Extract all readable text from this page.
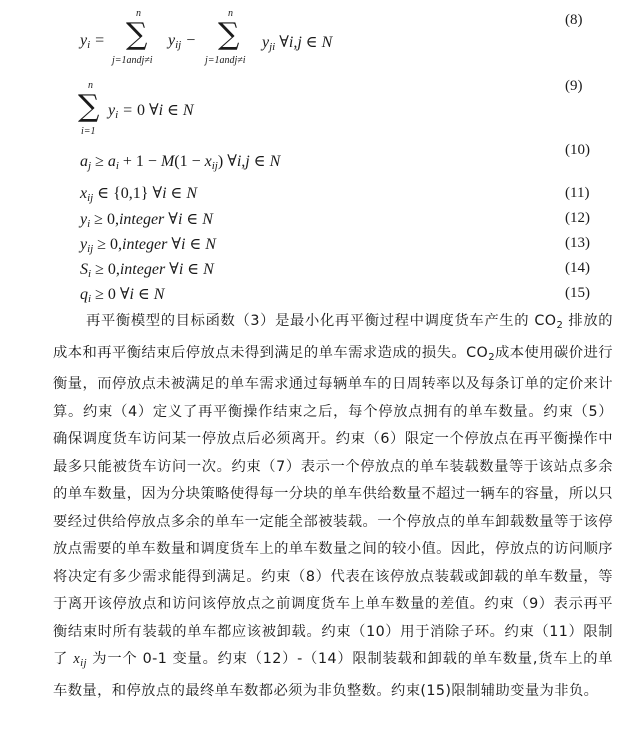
$y_i$ =
n
∑
j=1andj≠i
$y_{ij}$ −
n
∑
j=1andj≠i
$y_{ji}$ ∀i,j ∈ N
(8)
n
∑
i=1
$y_i = 0$ ∀i ∈ N
(9)
$a_j \ge a_i + 1 - M(1 - x_{ij})$ ∀i,j ∈ N
(10)
$x_{ij}$ ∈ {0,1} ∀i ∈ N	(11)
$y_i$ ≥ 0,integer ∀i ∈ N	(12)
$y_{ij}$ ≥ 0,integer ∀i ∈ N	(13)
$S_i$ ≥ 0,integer ∀i ∈ N	(14)
$q_i \ge 0$ ∀i ∈ N	(15)
再平衡模型的目标函数（3）是最小化再平衡过程中调度货车产生的 $CO_2$ 排放的成本和再平衡结束后停放点未得到满足的单车需求造成的损失。$CO_2$成本使用碳价进行衡量，而停放点未被满足的单车需求通过每辆单车的日周转率以及每条订单的定价来计算。约束（4）定义了再平衡操作结束之后，每个停放点拥有的单车数量。约束（5）确保调度货车访问某一停放点后必须离开。约束（6）限定一个停放点在再平衡操作中最多只能被货车访问一次。约束（7）表示一个停放点的单车装载数量等于该站点多余的单车数量，因为分块策略使得每一分块的单车供给数量不超过一辆车的容量，所以只要经过供给停放点多余的单车一定能全部被装载。一个停放点的单车卸载数量等于该停放点需要的单车数量和调度货车上的单车数量之间的较小值。因此，停放点的访问顺序将决定有多少需求能得到满足。约束（8）代表在该停放点装载或卸载的单车数量，等于离开该停放点和访问该停放点之前调度货车上单车数量的差值。约束（9）表示再平衡结束时所有装载的单车都应该被卸载。约束（10）用于消除子环。约束（11）限制了 $x_{ij}$ 为一个 0-1 变量。约束（12）-（14）限制装载和卸载的单车数量,货车上的单车数量，和停放点的最终单车数都必须为非负整数。约束(15)限制辅助变量为非负。
